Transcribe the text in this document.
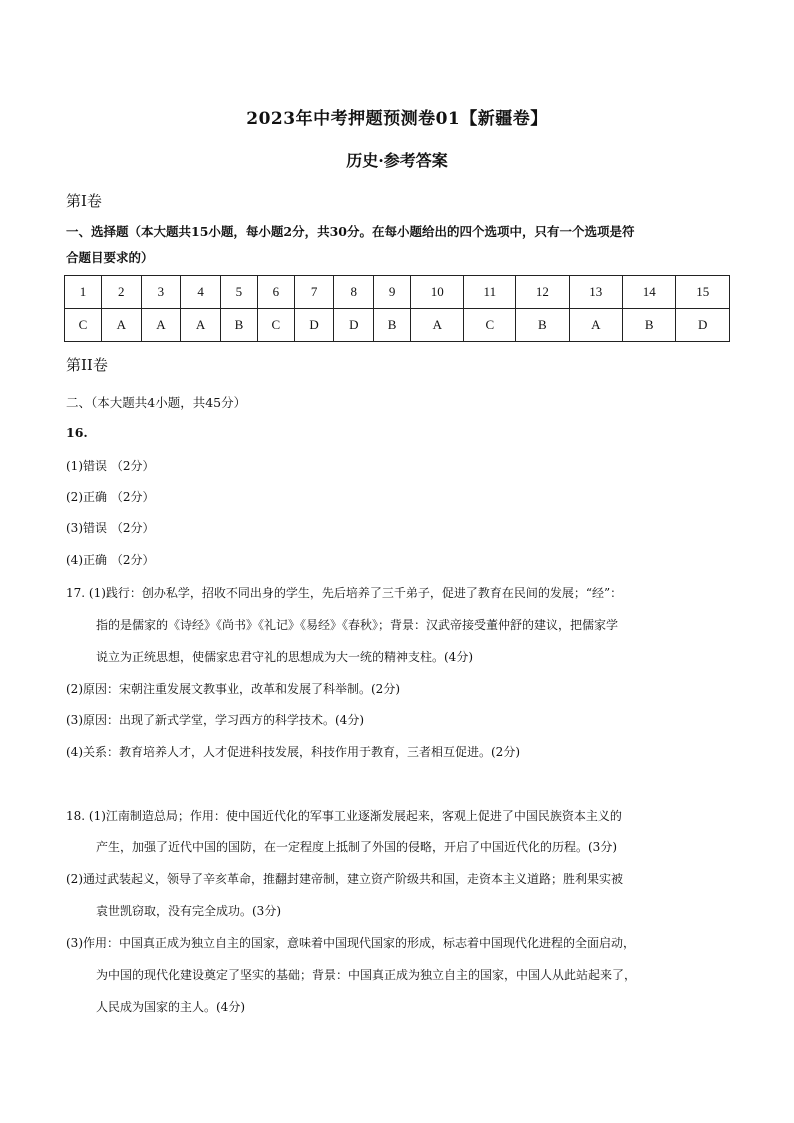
2023年中考押题预测卷01【新疆卷】
历史·参考答案
第Ⅰ卷
一、选择题（本大题共15小题，每小题2分，共30分。在每小题给出的四个选项中，只有一个选项是符
合题目要求的）
1	2	3	4	5	6	7	8	9	10	11	12	13	14	15
C	A	A	A	B	C	D	D	B	A	C	B	A	B	D
第II卷
二、（本大题共4小题，共45分）
16.
(1)错误 （2分）
(2)正确 （2分）
(3)错误 （2分）
(4)正确 （2分）
17. (1)践行：创办私学，招收不同出身的学生，先后培养了三千弟子，促进了教育在民间的发展；“经”：
指的是儒家的《诗经》《尚书》《礼记》《易经》《春秋》；背景：汉武帝接受董仲舒的建议，把儒家学
说立为正统思想，使儒家忠君守礼的思想成为大一统的精神支柱。(4分)
(2)原因：宋朝注重发展文教事业，改革和发展了科举制。(2分)
(3)原因：出现了新式学堂，学习西方的科学技术。(4分)
(4)关系：教育培养人才，人才促进科技发展，科技作用于教育，三者相互促进。(2分)
18. (1)江南制造总局；作用：使中国近代化的军事工业逐渐发展起来，客观上促进了中国民族资本主义的
产生，加强了近代中国的国防，在一定程度上抵制了外国的侵略，开启了中国近代化的历程。(3分)
(2)通过武装起义，领导了辛亥革命，推翻封建帝制，建立资产阶级共和国，走资本主义道路；胜利果实被
袁世凯窃取，没有完全成功。(3分)
(3)作用：中国真正成为独立自主的国家，意味着中国现代国家的形成，标志着中国现代化进程的全面启动，
为中国的现代化建设奠定了坚实的基础；背景：中国真正成为独立自主的国家，中国人从此站起来了，
人民成为国家的主人。(4分)
